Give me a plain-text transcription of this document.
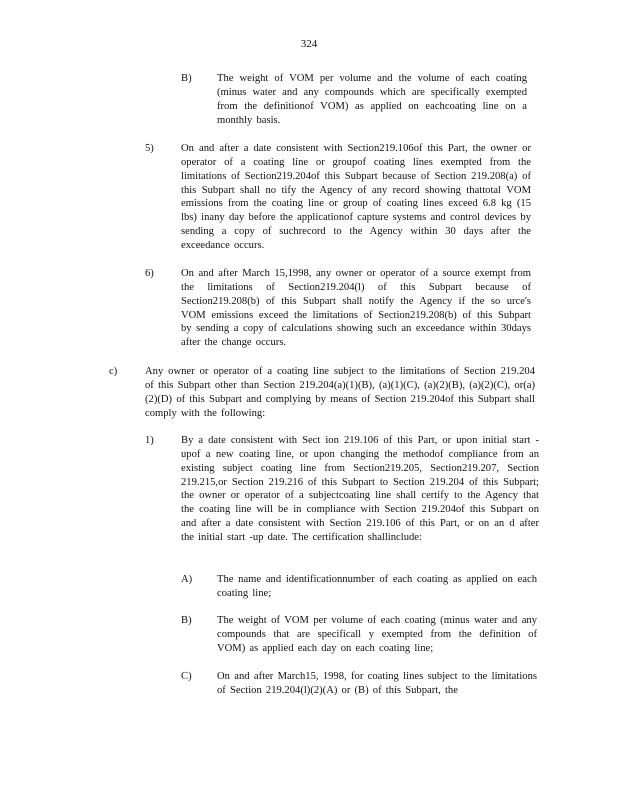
324
B) The weight of VOM per volume and the volume of each coating (minus water and any compounds which are specifically exempted from the definitionof VOM) as applied on eachcoating line on a monthly basis.
5)	On and after a date consistent with Section219.106of this Part, the owner or operator of a coating line or groupof coating lines exempted from the limitations of Section219.204of this Subpart because of Section 219.208(a) of this Subpart shall no tify the Agency of any record showing thattotal VOM emissions from the coating line or group of coating lines exceed 6.8 kg (15 lbs) inany day before the applicationof capture systems and control devices by sending a copy of suchrecord to the Agency within 30 days after the exceedance occurs.
6)	On and after March 15,1998, any owner or operator of a source exempt from the limitations of Section219.204(l) of this Subpart because of Section219.208(b) of this Subpart shall notify the Agency if the so urce's VOM emissions exceed the limitations of Section219.208(b) of this Subpart by sending a copy of calculations showing such an exceedance within 30days after the change occurs.
c)	Any owner or operator of a coating line subject to the limitations of Section 219.204 of this Subpart other than Section 219.204(a)(1)(B), (a)(1)(C), (a)(2)(B), (a)(2)(C), or(a)(2)(D) of this Subpart and complying by means of Section 219.204of this Subpart shall comply with the following:
1)	By a date consistent with Sect ion 219.106 of this Part, or upon initial start - upof a new coating line, or upon changing the methodof compliance from an existing subject coating line from Section219.205, Section219.207, Section 219.215,or Section 219.216 of this Subpart to Section 219.204 of this Subpart; the owner or operator of a subjectcoating line shall certify to the Agency that the coating line will be in compliance with Section 219.204of this Subpart on and after a date consistent with Section 219.106 of this Part, or on an d after the initial start -up date. The certification shallinclude:
A) The name and identificationnumber of each coating as applied on each coating line;
B) The weight of VOM per volume of each coating (minus water and any compounds that are specificall y exempted from the definition of VOM) as applied each day on each coating line;
C) On and after March15, 1998, for coating lines subject to the limitations of Section 219.204(l)(2)(A) or (B) of this Subpart, the
